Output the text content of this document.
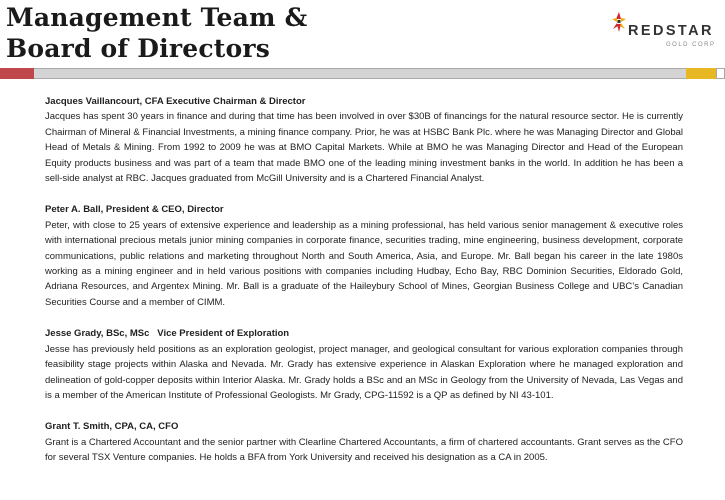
Management Team &
Board of Directors
REDSTAR
GOLD CORP
Jacques Vaillancourt, CFA Executive Chairman & Director
Jacques has spent 30 years in finance and during that time has been involved in over $30B of financings for the natural resource sector. He is currently Chairman of Mineral & Financial Investments, a mining finance company. Prior, he was at HSBC Bank Plc. where he was Managing Director and Global Head of Metals & Mining. From 1992 to 2009 he was at BMO Capital Markets. While at BMO he was Managing Director and Head of the European Equity products business and was part of a team that made BMO one of the leading mining investment banks in the world. In addition he has been a sell-side analyst at RBC. Jacques graduated from McGill University and is a Chartered Financial Analyst.
Peter A. Ball, President & CEO, Director
Peter, with close to 25 years of extensive experience and leadership as a mining professional, has held various senior management & executive roles with international precious metals junior mining companies in corporate finance, securities trading, mine engineering, business development, corporate communications, public relations and marketing throughout North and South America, Asia, and Europe. Mr. Ball began his career in the late 1980s working as a mining engineer and in held various positions with companies including Hudbay, Echo Bay, RBC Dominion Securities, Eldorado Gold, Adriana Resources, and Argentex Mining. Mr. Ball is a graduate of the Haileybury School of Mines, Georgian Business College and UBC’s Canadian Securities Course and a member of CIMM.
Jesse Grady, BSc, MSc   Vice President of Exploration
Jesse has previously held positions as an exploration geologist, project manager, and geological consultant for various exploration companies through feasibility stage projects within Alaska and Nevada. Mr. Grady has extensive experience in Alaskan Exploration where he managed exploration and delineation of gold-copper deposits within Interior Alaska. Mr. Grady holds a BSc and an MSc in Geology from the University of Nevada, Las Vegas and is a member of the American Institute of Professional Geologists. Mr Grady, CPG-11592 is a QP as defined by NI 43-101.
Grant T. Smith, CPA, CA, CFO
Grant is a Chartered Accountant and the senior partner with Clearline Chartered Accountants, a firm of chartered accountants. Grant serves as the CFO for several TSX Venture companies. He holds a BFA from York University and received his designation as a CA in 2005.
